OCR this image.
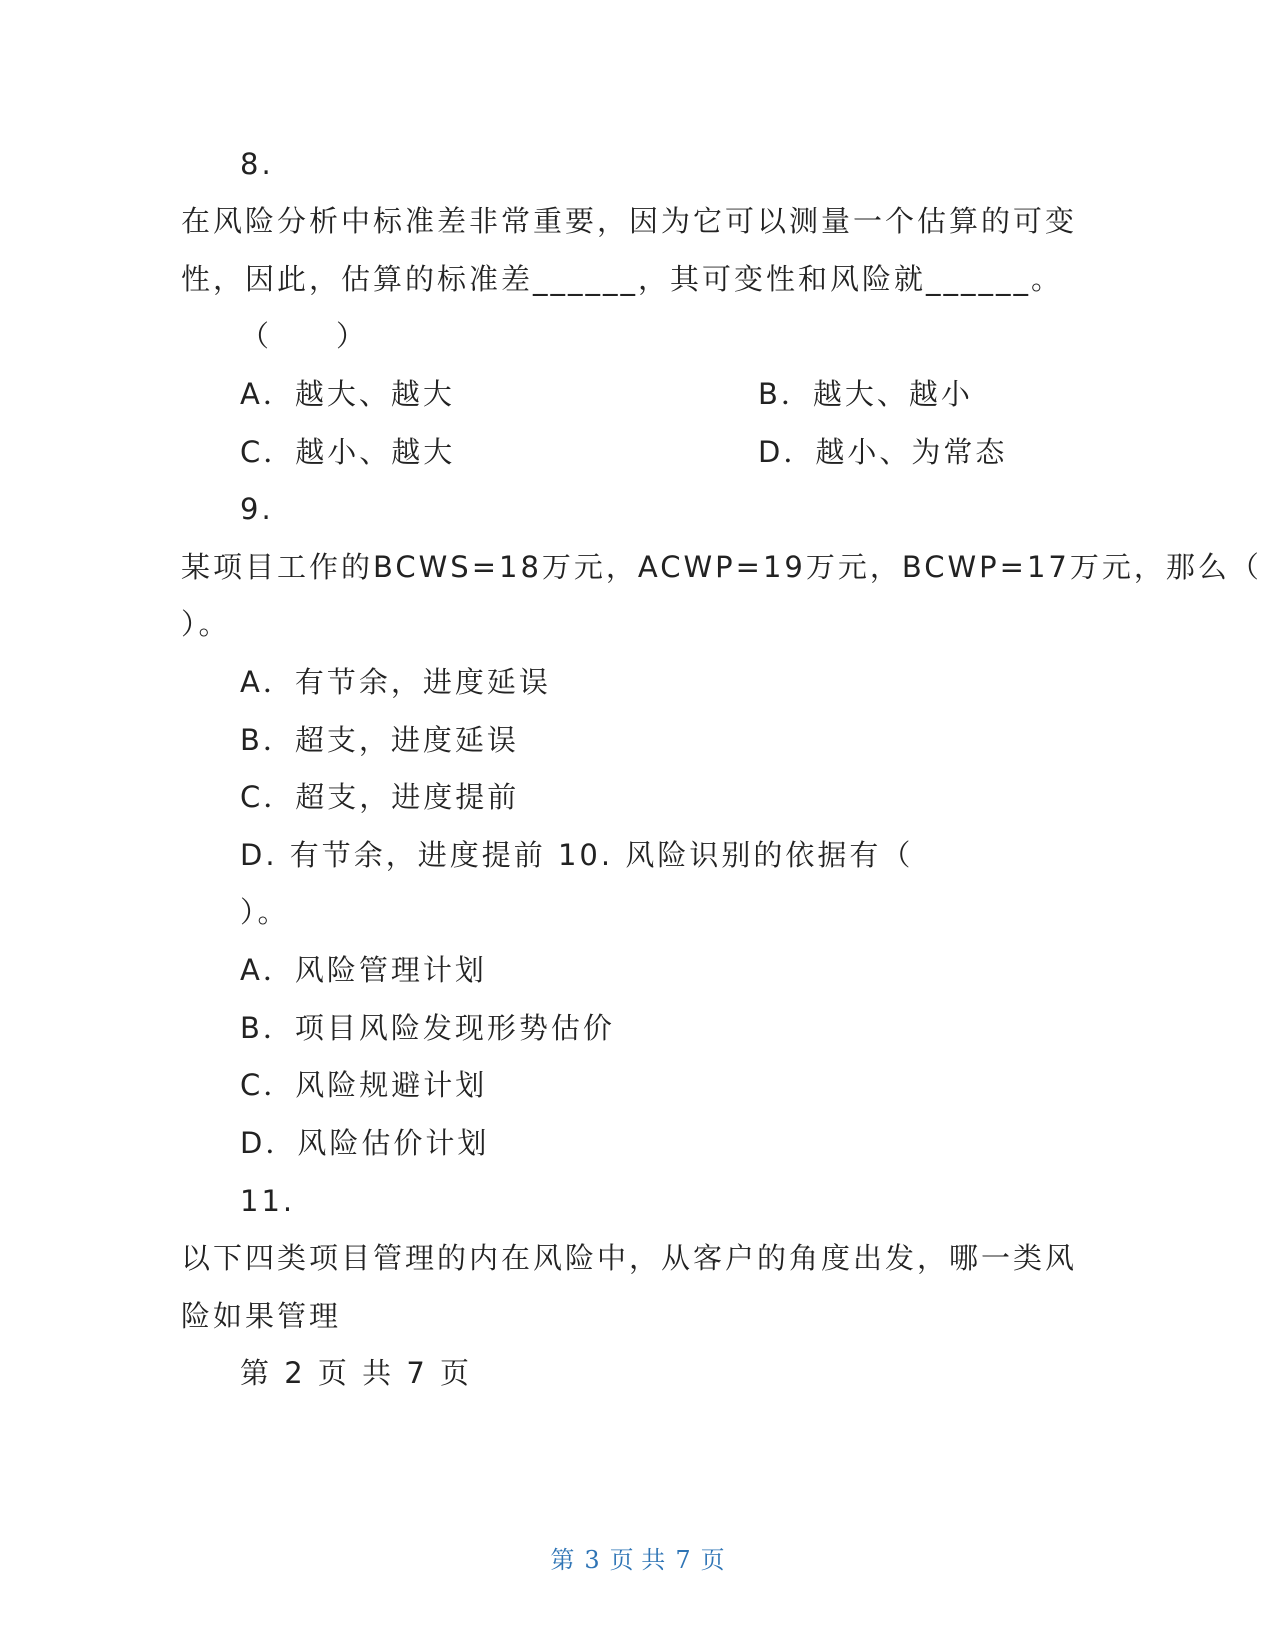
8.
在风险分析中标准差非常重要，因为它可以测量一个估算的可变
性，因此，估算的标准差______，其可变性和风险就______。
（　　）
A．越大、越大	B．越大、越小
C．越小、越大	D．越小、为常态
9.
某项目工作的BCWS=18万元，ACWP=19万元，BCWP=17万元，那么（
）。
A．有节余，进度延误
B．超支，进度延误
C．超支，进度提前
D. 有节余，进度提前 10. 风险识别的依据有（
）。
A．风险管理计划
B．项目风险发现形势估价
C．风险规避计划
D．风险估价计划
11.
以下四类项目管理的内在风险中，从客户的角度出发，哪一类风
险如果管理
第 2 页 共 7 页
第 3 页 共 7 页
